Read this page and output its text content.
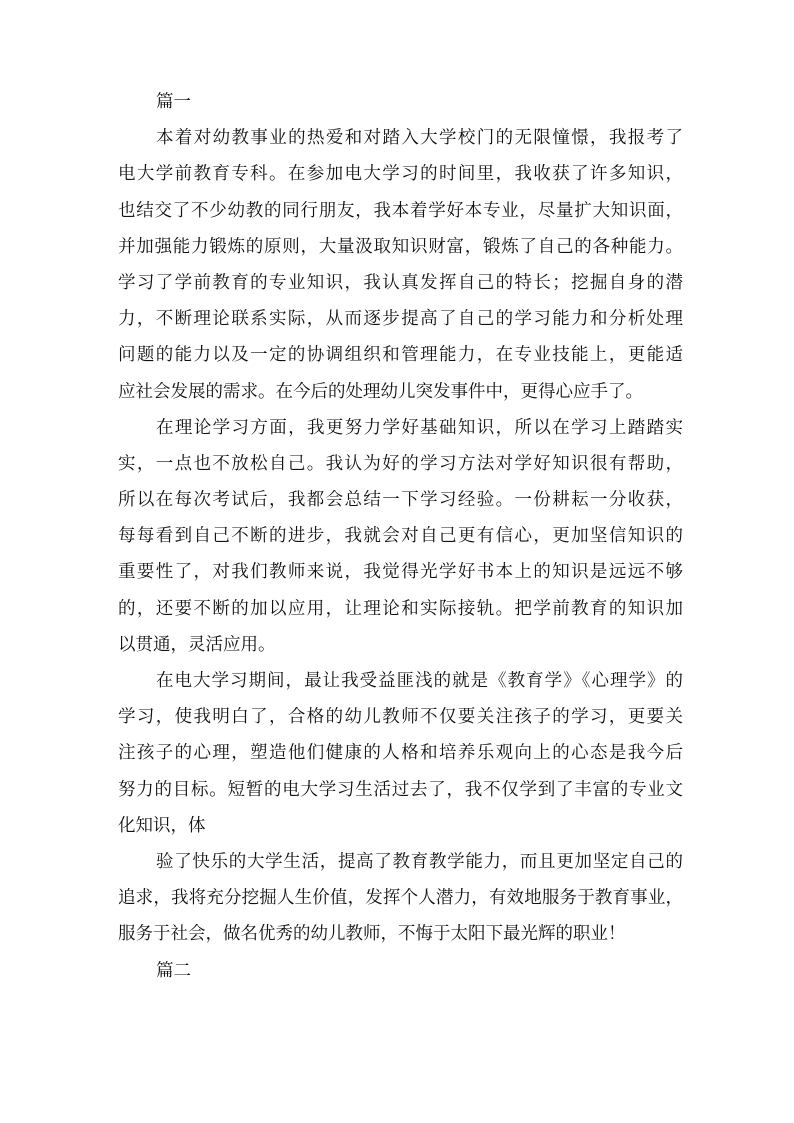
篇一
本着对幼教事业的热爱和对踏入大学校门的无限憧憬，我报考了
电大学前教育专科。在参加电大学习的时间里，我收获了许多知识，
也结交了不少幼教的同行朋友，我本着学好本专业，尽量扩大知识面，
并加强能力锻炼的原则，大量汲取知识财富，锻炼了自己的各种能力。
学习了学前教育的专业知识，我认真发挥自己的特长；挖掘自身的潜
力，不断理论联系实际，从而逐步提高了自己的学习能力和分析处理
问题的能力以及一定的协调组织和管理能力，在专业技能上，更能适
应社会发展的需求。在今后的处理幼儿突发事件中，更得心应手了。
在理论学习方面，我更努力学好基础知识，所以在学习上踏踏实
实，一点也不放松自己。我认为好的学习方法对学好知识很有帮助，
所以在每次考试后，我都会总结一下学习经验。一份耕耘一分收获，
每每看到自己不断的进步，我就会对自己更有信心，更加坚信知识的
重要性了，对我们教师来说，我觉得光学好书本上的知识是远远不够
的，还要不断的加以应用，让理论和实际接轨。把学前教育的知识加
以贯通，灵活应用。
在电大学习期间，最让我受益匪浅的就是《教育学》《心理学》的
学习，使我明白了，合格的幼儿教师不仅要关注孩子的学习，更要关
注孩子的心理，塑造他们健康的人格和培养乐观向上的心态是我今后
努力的目标。短暂的电大学习生活过去了，我不仅学到了丰富的专业文
化知识，体
验了快乐的大学生活，提高了教育教学能力，而且更加坚定自己的
追求，我将充分挖掘人生价值，发挥个人潜力，有效地服务于教育事业，
服务于社会，做名优秀的幼儿教师，不悔于太阳下最光辉的职业！
篇二
